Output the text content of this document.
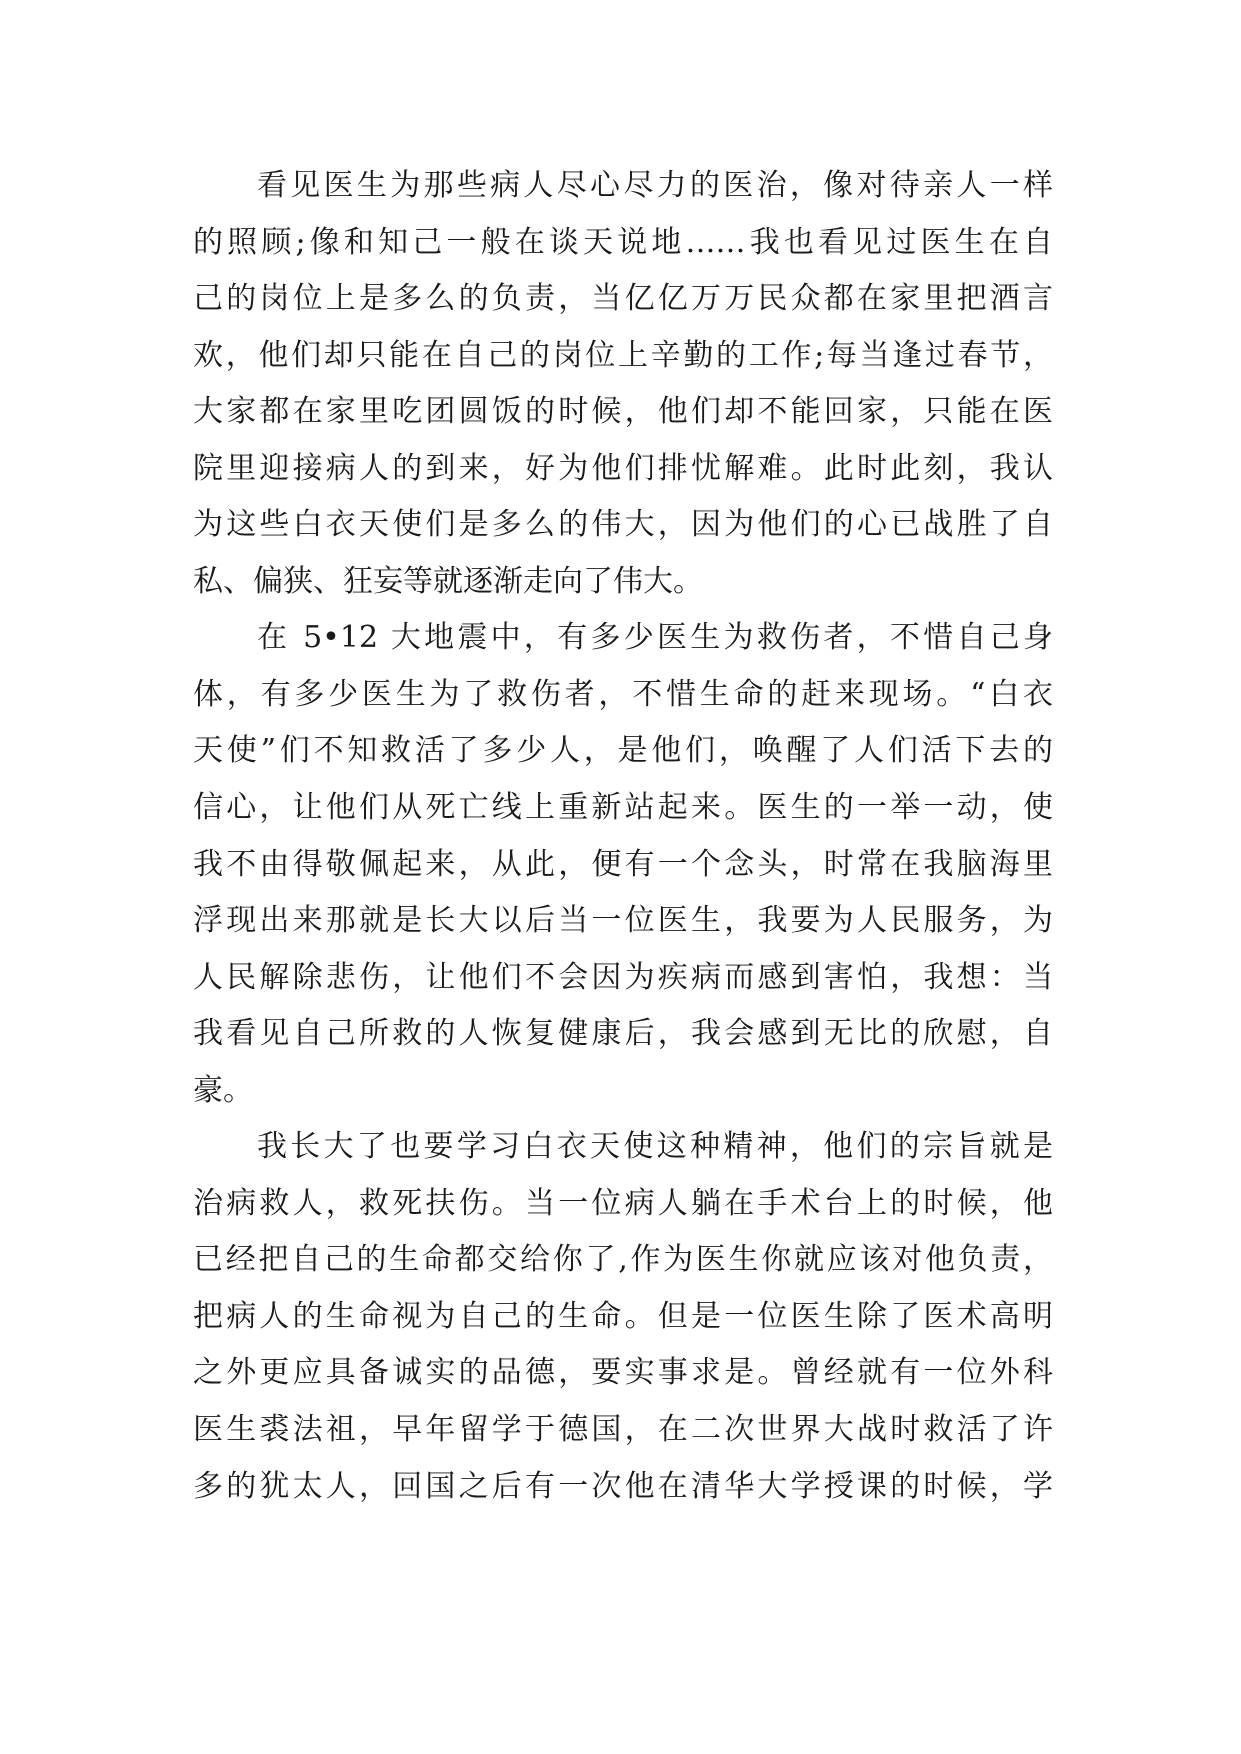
看见医生为那些病人尽心尽力的医治，像对待亲人一样
的照顾;像和知己一般在谈天说地……我也看见过医生在自
己的岗位上是多么的负责，当亿亿万万民众都在家里把酒言
欢，他们却只能在自己的岗位上辛勤的工作;每当逢过春节，
大家都在家里吃团圆饭的时候，他们却不能回家，只能在医
院里迎接病人的到来，好为他们排忧解难。此时此刻，我认
为这些白衣天使们是多么的伟大，因为他们的心已战胜了自
私、偏狭、狂妄等就逐渐走向了伟大。
在 5•12 大地震中，有多少医生为救伤者，不惜自己身
体，有多少医生为了救伤者，不惜生命的赶来现场。“白衣
天使”们不知救活了多少人，是他们，唤醒了人们活下去的
信心，让他们从死亡线上重新站起来。医生的一举一动，使
我不由得敬佩起来，从此，便有一个念头，时常在我脑海里
浮现出来那就是长大以后当一位医生，我要为人民服务，为
人民解除悲伤，让他们不会因为疾病而感到害怕，我想：当
我看见自己所救的人恢复健康后，我会感到无比的欣慰，自
豪。
我长大了也要学习白衣天使这种精神，他们的宗旨就是
治病救人，救死扶伤。当一位病人躺在手术台上的时候，他
已经把自己的生命都交给你了,作为医生你就应该对他负责，
把病人的生命视为自己的生命。但是一位医生除了医术高明
之外更应具备诚实的品德，要实事求是。曾经就有一位外科
医生裘法祖，早年留学于德国，在二次世界大战时救活了许
多的犹太人，回国之后有一次他在清华大学授课的时候，学
